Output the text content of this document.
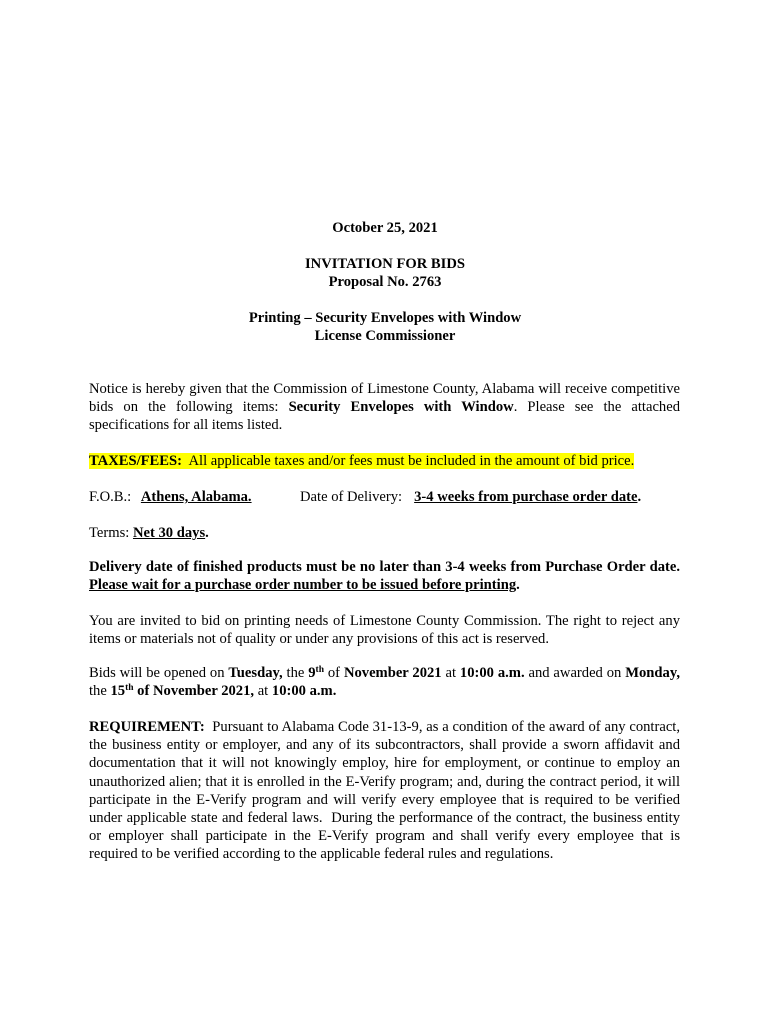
October 25, 2021
INVITATION FOR BIDS
Proposal No. 2763
Printing – Security Envelopes with Window
License Commissioner
Notice is hereby given that the Commission of Limestone County, Alabama will receive competitive bids on the following items: Security Envelopes with Window. Please see the attached specifications for all items listed.
TAXES/FEES:  All applicable taxes and/or fees must be included in the amount of bid price.
F.O.B.: Athens, Alabama.	Date of Delivery: 3-4 weeks from purchase order date.
Terms: Net 30 days.
Delivery date of finished products must be no later than 3-4 weeks from Purchase Order date.  Please wait for a purchase order number to be issued before printing.
You are invited to bid on printing needs of Limestone County Commission. The right to reject any items or materials not of quality or under any provisions of this act is reserved.
Bids will be opened on Tuesday, the 9th of November 2021 at 10:00 a.m. and awarded on Monday, the 15th of November 2021, at 10:00 a.m.
REQUIREMENT:  Pursuant to Alabama Code 31-13-9, as a condition of the award of any contract, the business entity or employer, and any of its subcontractors, shall provide a sworn affidavit and documentation that it will not knowingly employ, hire for employment, or continue to employ an unauthorized alien; that it is enrolled in the E-Verify program; and, during the contract period, it will participate in the E-Verify program and will verify every employee that is required to be verified under applicable state and federal laws.  During the performance of the contract, the business entity or employer shall participate in the E-Verify program and shall verify every employee that is required to be verified according to the applicable federal rules and regulations.
